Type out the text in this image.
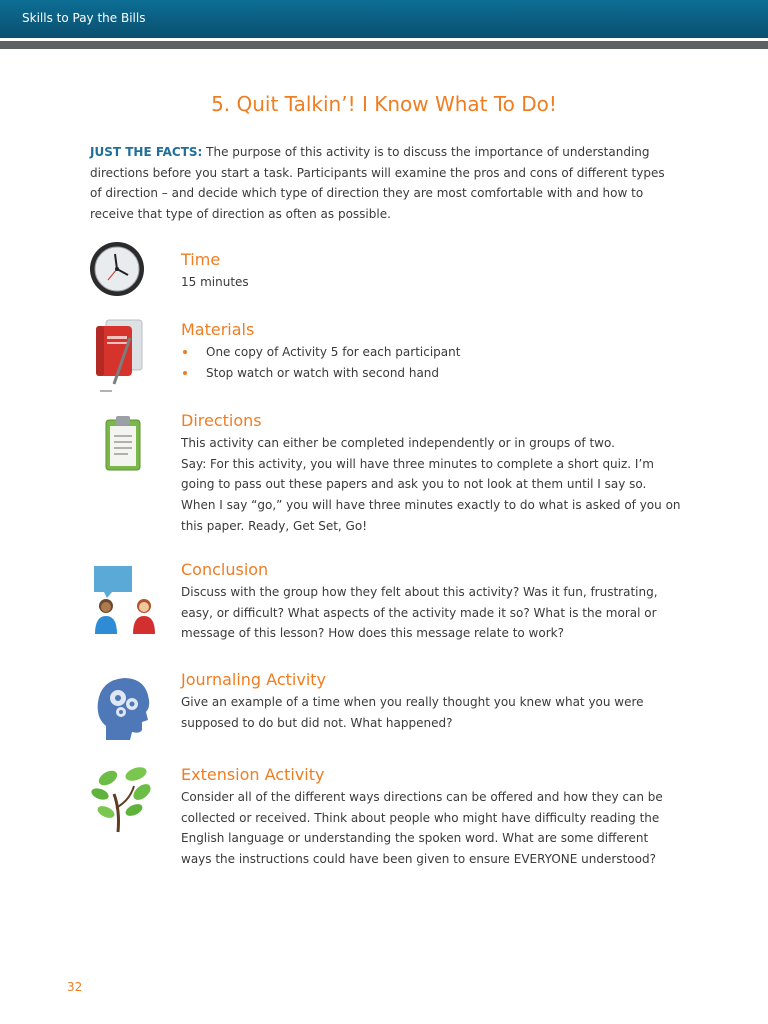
Skills to Pay the Bills
5. Quit Talkin’! I Know What To Do!
JUST THE FACTS: The purpose of this activity is to discuss the importance of understanding directions before you start a task. Participants will examine the pros and cons of different types of direction – and decide which type of direction they are most comfortable with and how to receive that type of direction as often as possible.
Time
15 minutes
Materials
One copy of Activity 5 for each participant
Stop watch or watch with second hand
Directions
This activity can either be completed independently or in groups of two.
Say: For this activity, you will have three minutes to complete a short quiz. I’m going to pass out these papers and ask you to not look at them until I say so. When I say “go,” you will have three minutes exactly to do what is asked of you on this paper. Ready, Get Set, Go!
Conclusion
Discuss with the group how they felt about this activity? Was it fun, frustrating, easy, or difficult? What aspects of the activity made it so? What is the moral or message of this lesson? How does this message relate to work?
Journaling Activity
Give an example of a time when you really thought you knew what you were supposed to do but did not. What happened?
Extension Activity
Consider all of the different ways directions can be offered and how they can be collected or received. Think about people who might have difficulty reading the English language or understanding the spoken word. What are some different ways the instructions could have been given to ensure EVERYONE understood?
32
